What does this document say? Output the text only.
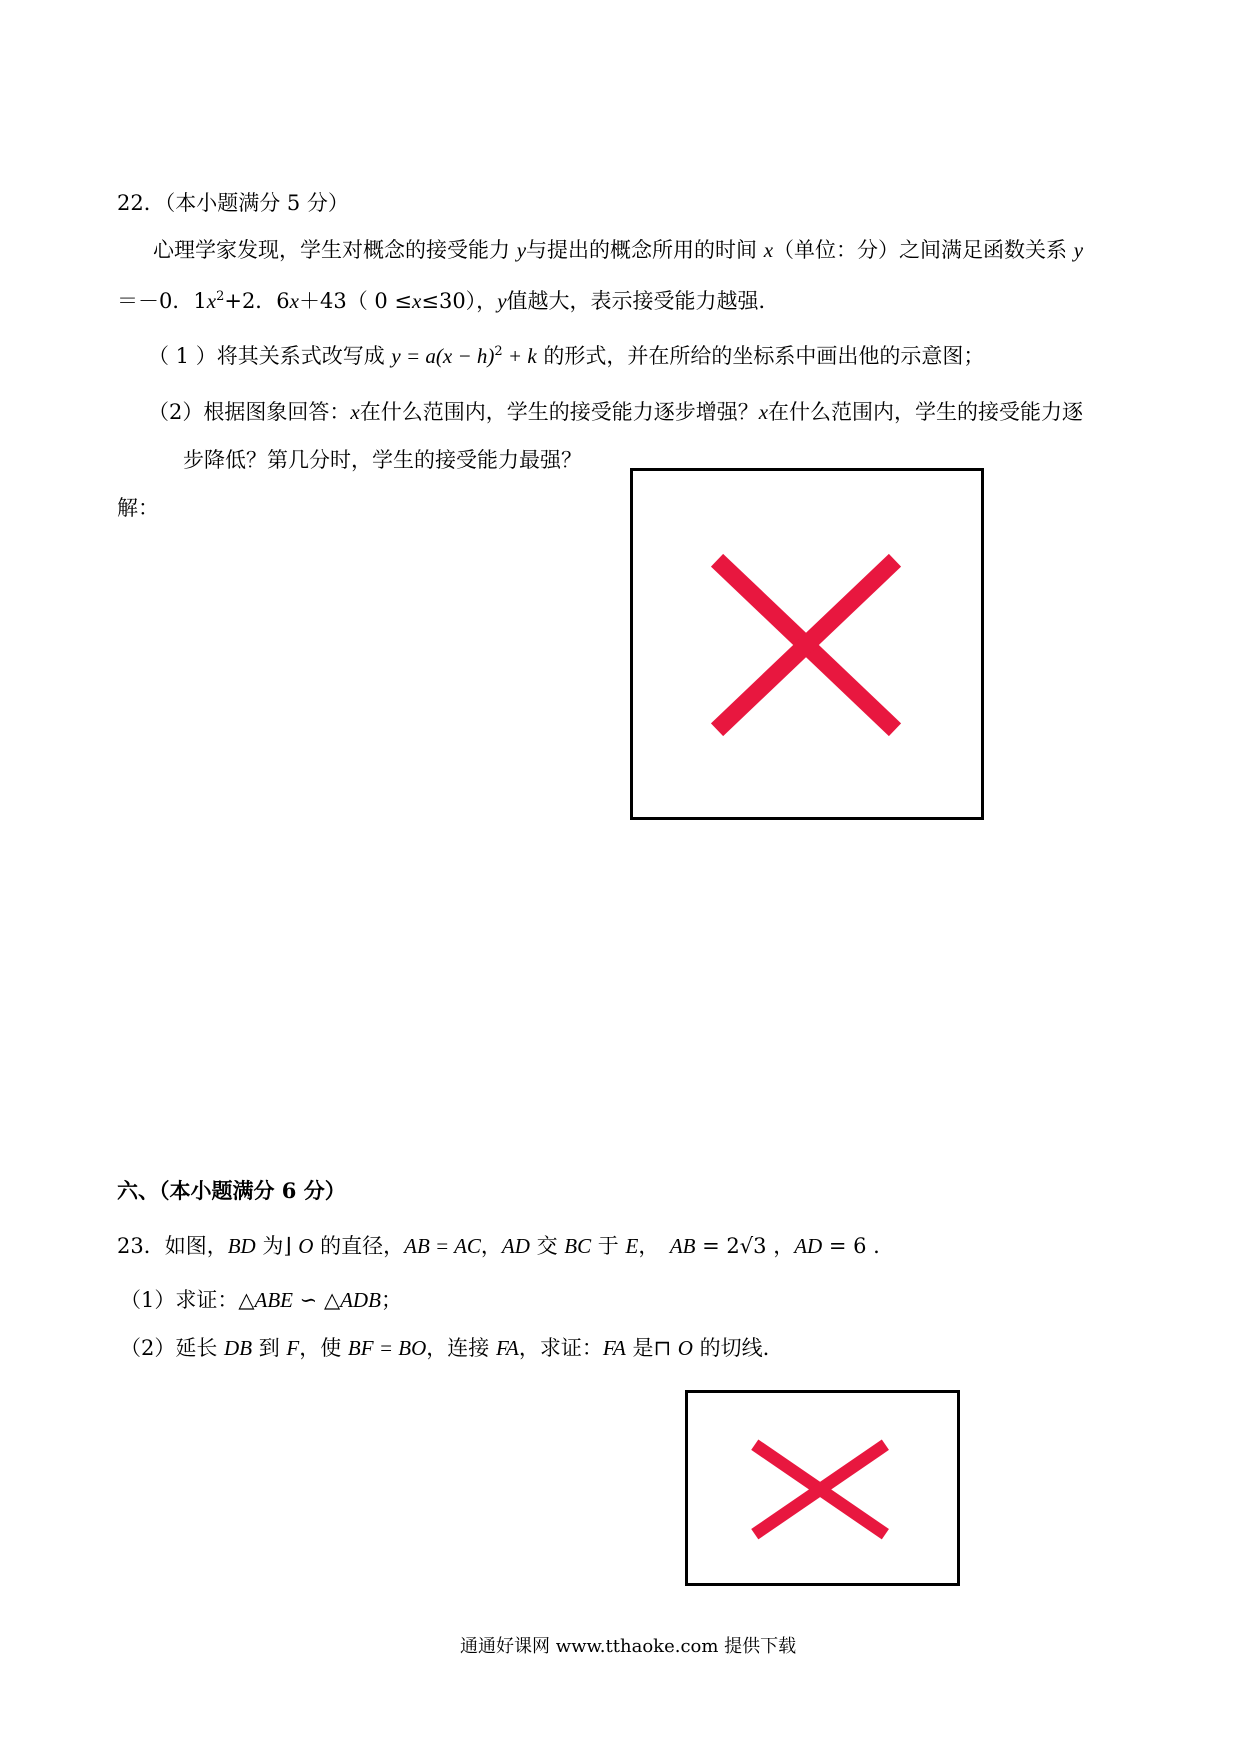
22．（本小题满分 5 分）
心理学家发现，学生对概念的接受能力 y与提出的概念所用的时间 x（单位：分）之间满足函数关系 y
＝－0．$1x^2+2$．6x＋43（ 0 ≤x≤30），y值越大，表示接受能力越强．
（ 1 ）将其关系式改写成 $y = a(x - h)^2 + k$ 的形式，并在所给的坐标系中画出他的示意图；
（2）根据图象回答：x在什么范围内，学生的接受能力逐步增强？x在什么范围内，学生的接受能力逐
步降低？第几分时，学生的接受能力最强？
解：
六、（本小题满分 6 分）
23．如图，BD 为⌋ O 的直径，AB = AC，AD 交 BC 于 E，　AB = 2√3 ，AD = 6 .
（1）求证：△ABE ∽ △ADB；
（2）延长 DB 到 F，使 BF = BO，连接 FA，求证：FA 是⊓ O 的切线.
通通好课网 www.tthaoke.com 提供下载
